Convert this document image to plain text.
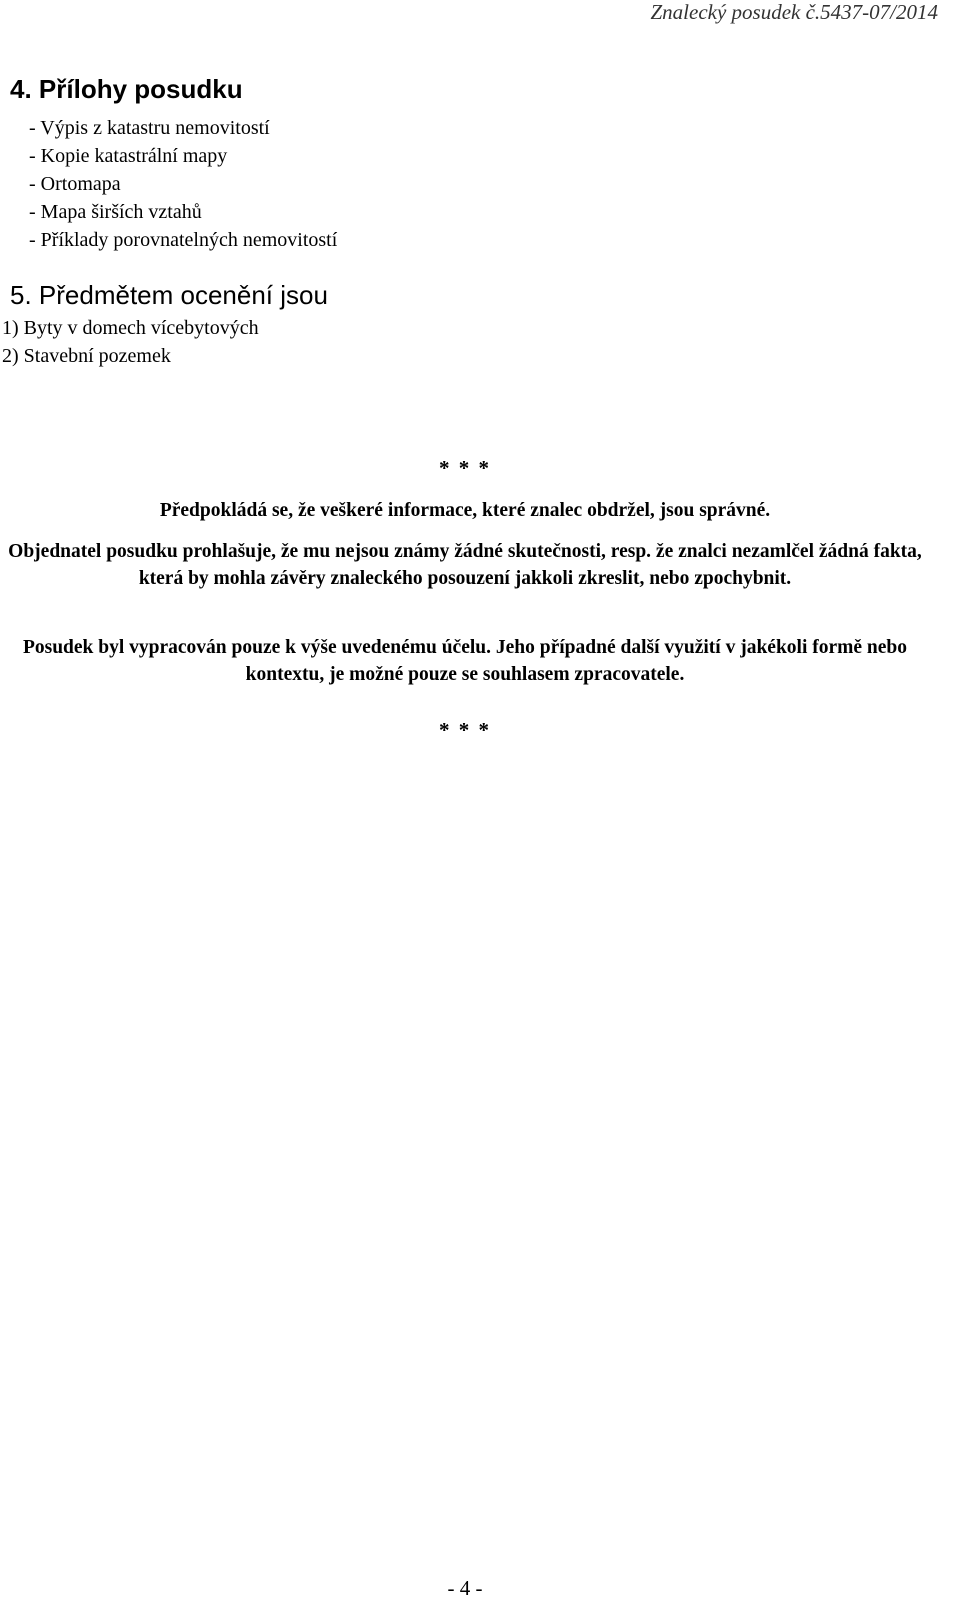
Znalecký posudek č.5437-07/2014
4. Přílohy posudku
- Výpis z katastru nemovitostí
- Kopie katastrální mapy
- Ortomapa
- Mapa širších vztahů
- Příklady porovnatelných nemovitostí
5. Předmětem ocenění jsou
1) Byty v domech vícebytových
2) Stavební pozemek
* * *

Předpokládá se, že veškeré informace, které znalec obdržel, jsou správné.

Objednatel posudku prohlašuje, že mu nejsou známy žádné skutečnosti, resp. že znalci nezamlčel žádná fakta, která by mohla závěry znaleckého posouzení jakkoli zkreslit, nebo zpochybnit.

Posudek byl vypracován pouze k výše uvedenému účelu. Jeho případné další využití v jakékoli formě nebo kontextu, je možné pouze se souhlasem zpracovatele.

* * *
- 4 -
